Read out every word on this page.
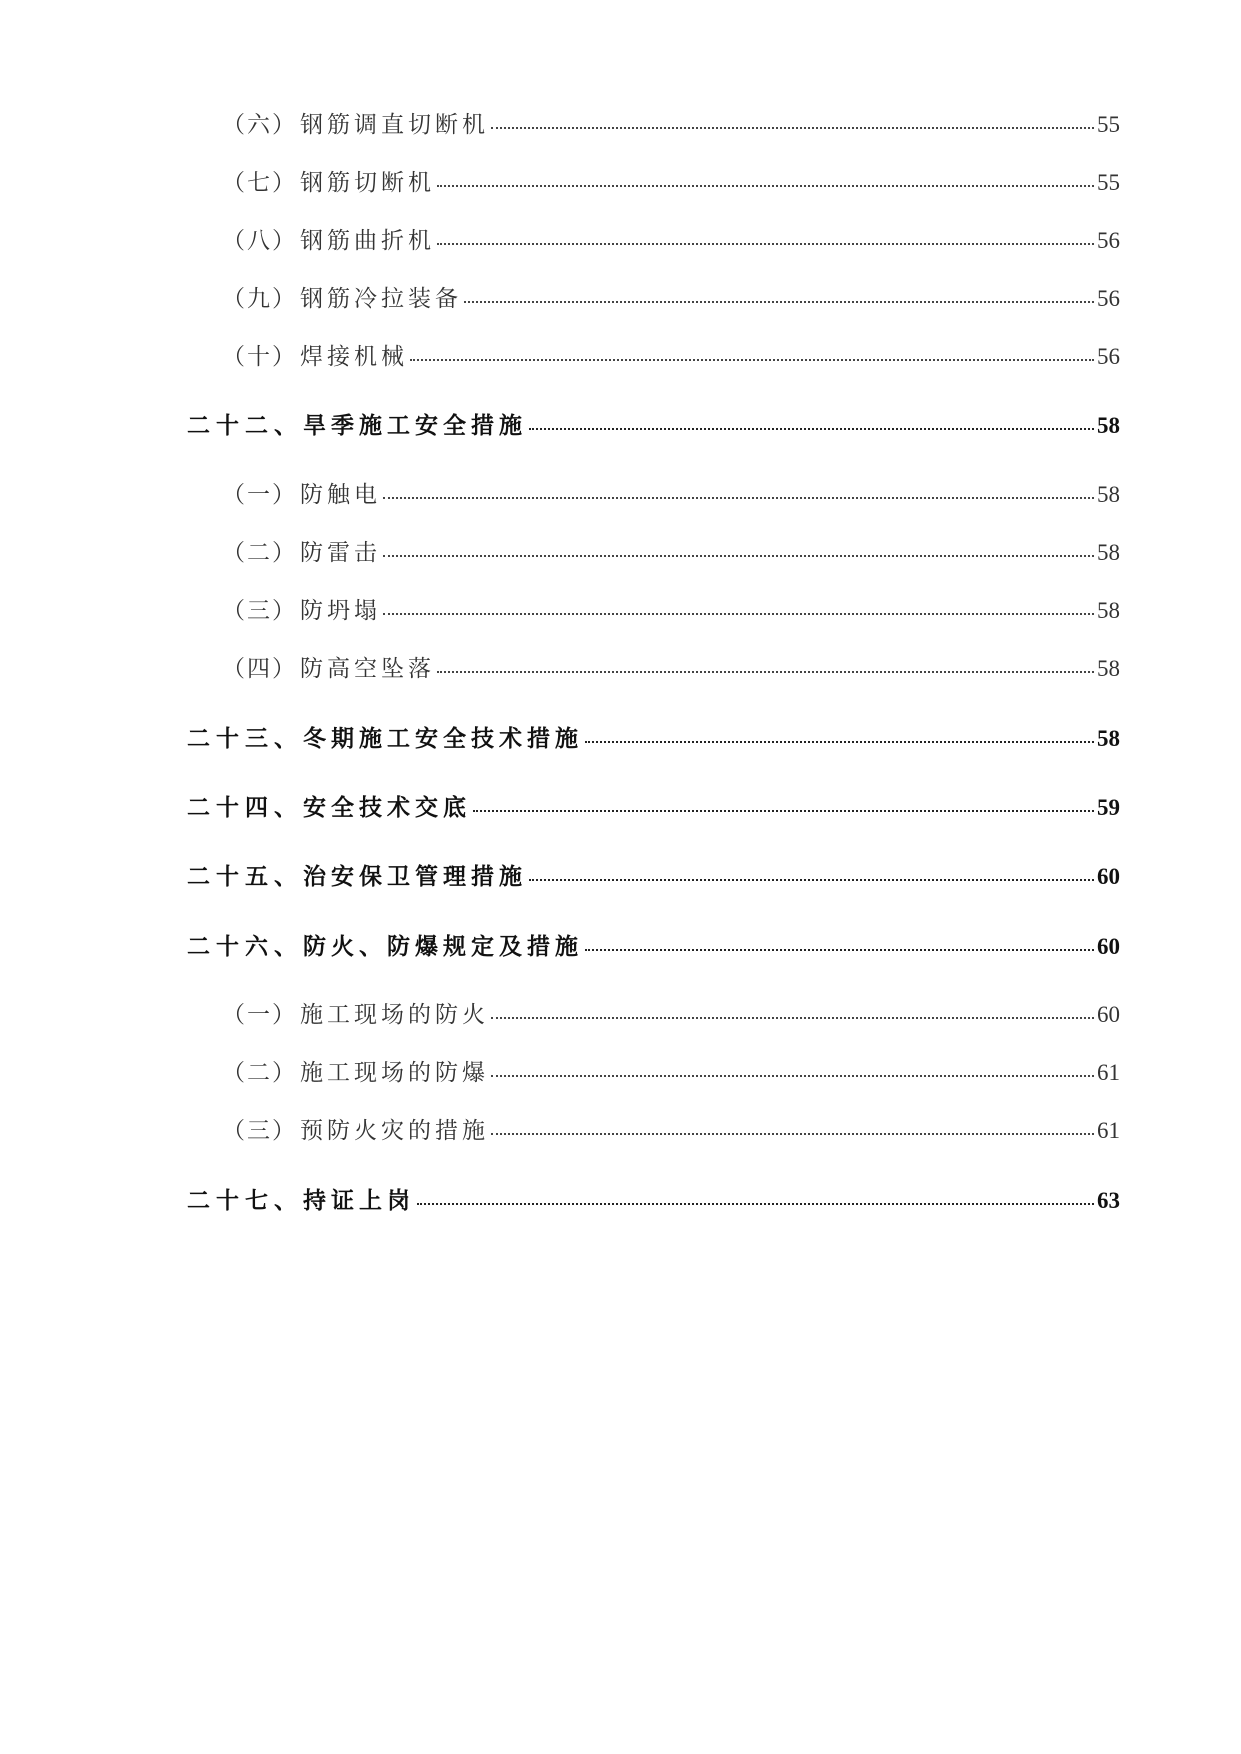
（六） 钢筋调直切断机	55
（七） 钢筋切断机	55
（八） 钢筋曲折机	56
（九） 钢筋冷拉装备	56
（十） 焊接机械	56
二十二、 旱季施工安全措施	58
（一） 防触电	58
（二） 防雷击	58
（三） 防坍塌	58
（四） 防高空坠落	58
二十三、 冬期施工安全技术措施	58
二十四、 安全技术交底	59
二十五、 治安保卫管理措施	60
二十六、 防火、防爆规定及措施	60
（一） 施工现场的防火	60
（二） 施工现场的防爆	61
（三） 预防火灾的措施	61
二十七、 持证上岗	63
